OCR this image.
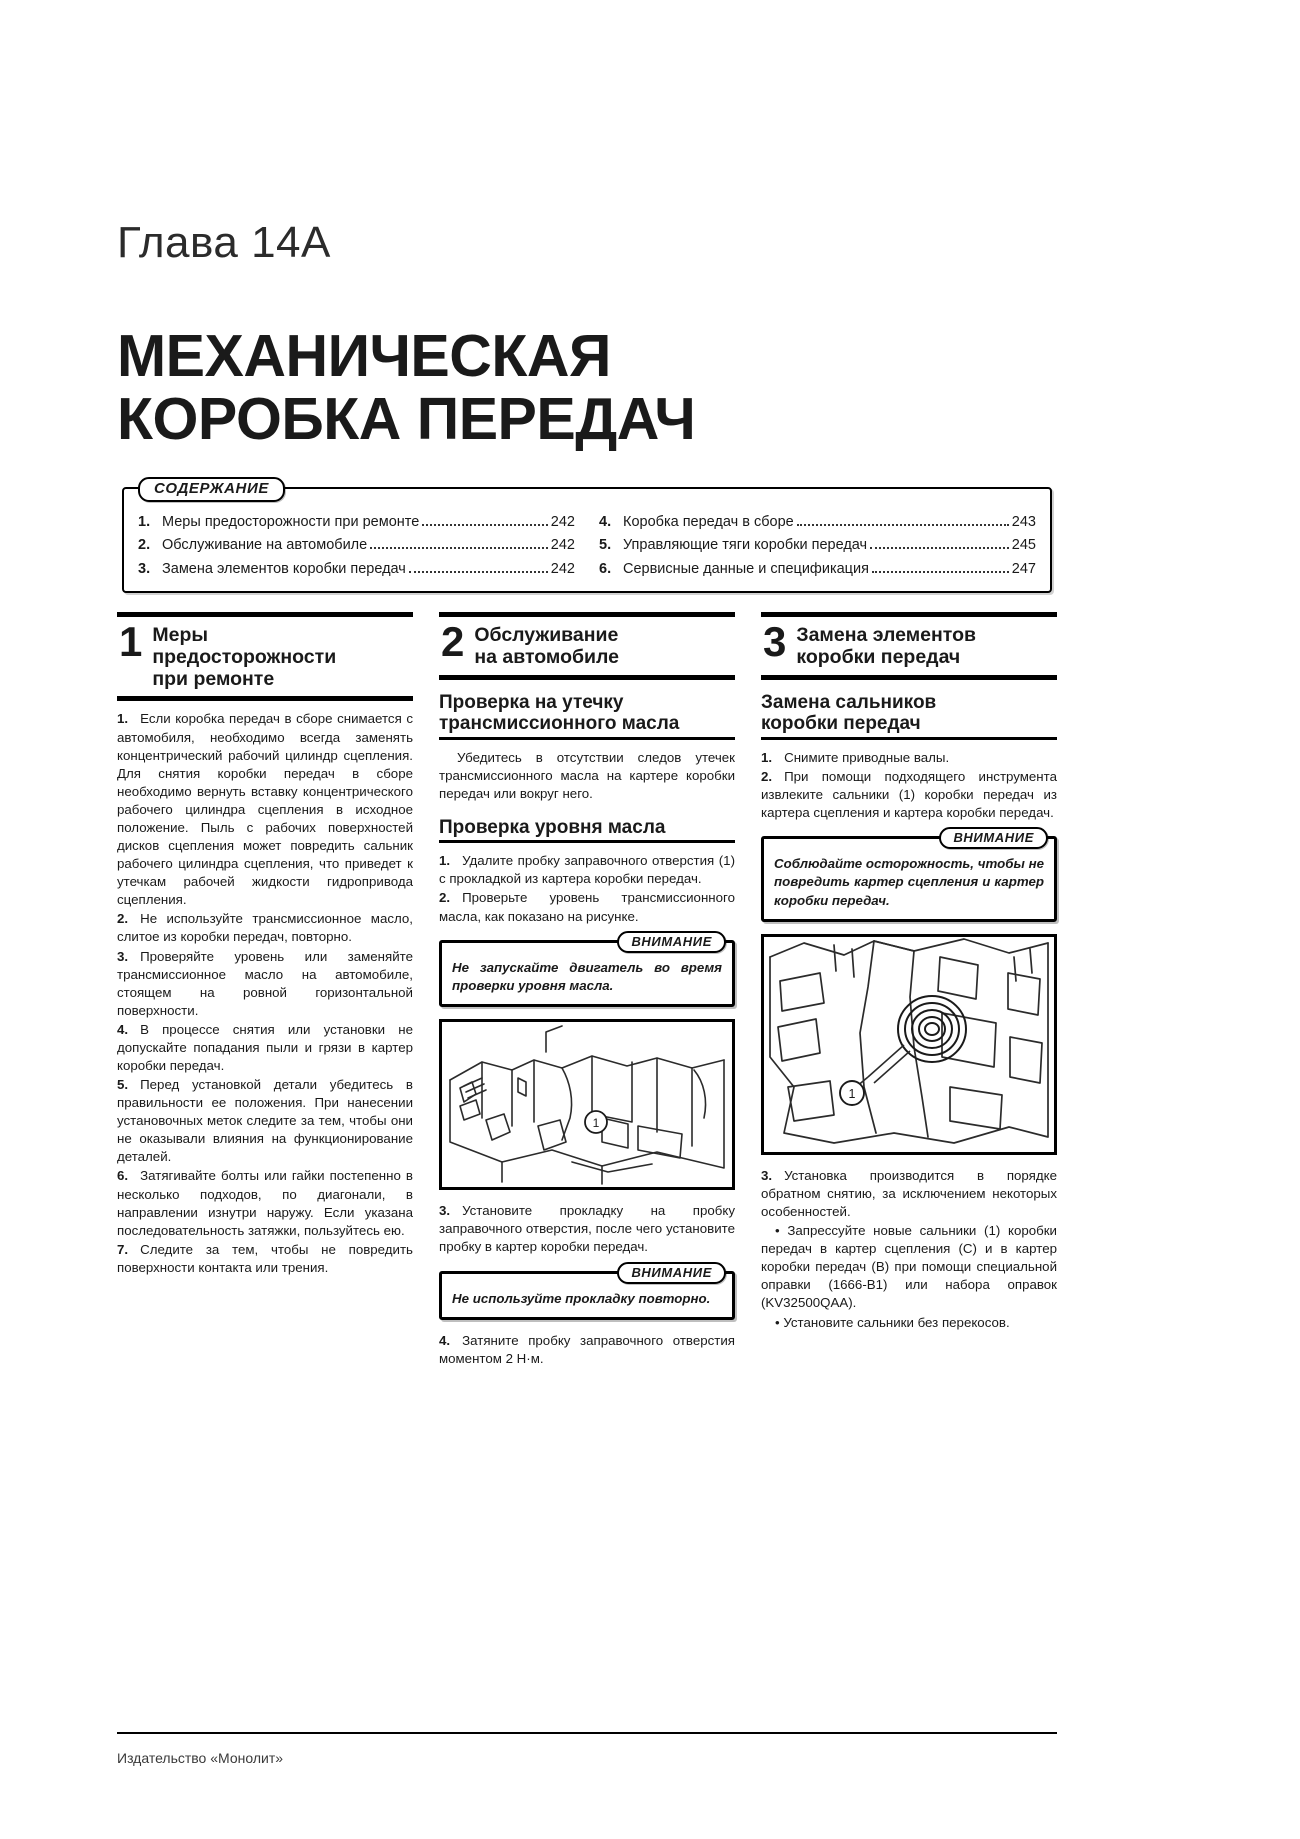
Глава 14А
МЕХАНИЧЕСКАЯ
КОРОБКА ПЕРЕДАЧ
СОДЕРЖАНИЕ
1. Меры предосторожности при ремонте	242
2. Обслуживание на автомобиле	242
3. Замена элементов коробки передач	242
4. Коробка передач в сборе	243
5. Управляющие тяги коробки передач	245
6. Сервисные данные и спецификация	247
1 Меры
предосторожности
при ремонте

1. Если коробка передач в сборе снимается с автомобиля, необходимо всегда заменять концентрический рабочий цилиндр сцепления. Для снятия коробки передач в сборе необходимо вернуть вставку концентрического рабочего цилиндра сцепления в исходное положение. Пыль с рабочих поверхностей дисков сцепления может повредить сальник рабочего цилиндра сцепления, что приведет к утечкам рабочей жидкости гидропривода сцепления.

2. Не используйте трансмиссионное масло, слитое из коробки передач, повторно.

3. Проверяйте уровень или заменяйте трансмиссионное масло на автомобиле, стоящем на ровной горизонтальной поверхности.

4. В процессе снятия или установки не допускайте попадания пыли и грязи в картер коробки передач.

5. Перед установкой детали убедитесь в правильности ее положения. При нанесении установочных меток следите за тем, чтобы они не оказывали влияния на функционирование деталей.

6. Затягивайте болты или гайки постепенно в несколько подходов, по диагонали, в направлении изнутри наружу. Если указана последовательность затяжки, пользуйтесь ею.

7. Следите за тем, чтобы не повредить поверхности контакта или трения.

2 Обслуживание
на автомобиле
Проверка на утечку
трансмиссионного масла

Убедитесь в отсутствии следов утечек трансмиссионного масла на картере коробки передач или вокруг него.

Проверка уровня масла

1. Удалите пробку заправочного отверстия (1) с прокладкой из картера коробки передач.

2. Проверьте уровень трансмиссионного масла, как показано на рисунке.

ВНИМАНИЕ

Не запускайте двигатель во время проверки уровня масла.

1

3. Установите прокладку на пробку заправочного отверстия, после чего установите пробку в картер коробки передач.

ВНИМАНИЕ

Не используйте прокладку повторно.

4. Затяните пробку заправочного отверстия моментом 2 Н·м.

3 Замена элементов
коробки передач
Замена сальников
коробки передач

1. Снимите приводные валы.

2. При помощи подходящего инструмента извлеките сальники (1) коробки передач из картера сцепления и картера коробки передач.

ВНИМАНИЕ

Соблюдайте осторожность, чтобы не повредить картер сцепления и картер коробки передач.

1

3. Установка производится в порядке обратном снятию, за исключением некоторых особенностей.

• Запрессуйте новые сальники (1) коробки передач в картер сцепления (С) и в картер коробки передач (В) при помощи специальной оправки (1666-В1) или набора оправок (KV32500QAA).

• Установите сальники без перекосов.

Издательство «Монолит»
